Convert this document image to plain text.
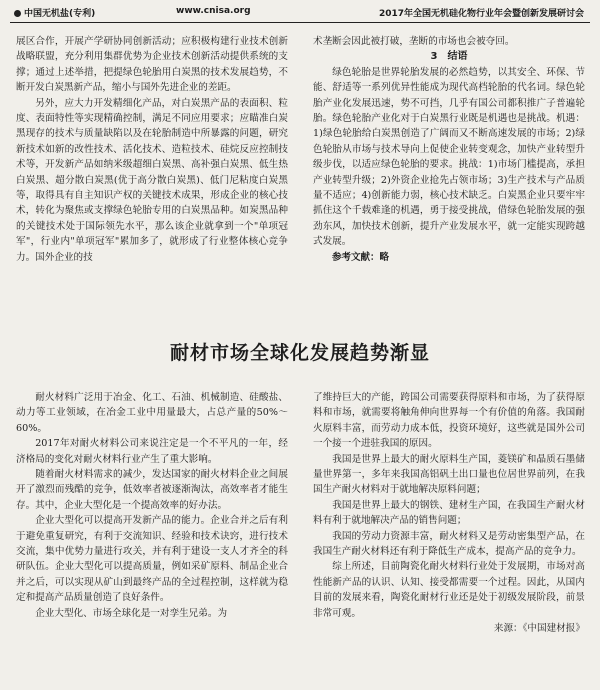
中国无机盐(专利)	www.cnisa.org	2017年全国无机硅化物行业年会暨创新发展研讨会

展区合作，开展产学研协同创新活动；应积极构建行业技术创新战略联盟，充分利用集群优势为企业技术创新活动提供系统的支撑；通过上述举措，把提绿色轮胎用白炭黑的技术发展趋势，不断开发白炭黑新产品，缩小与国外先进企业的差距。

另外，应大力开发精细化产品，对白炭黑产品的表面积、粒度、表面特性等实现精确控制，满足不同应用要求；应瞄准白炭黑现存的技术与质量缺陷以及在轮胎制造中所暴露的问题，研究新技术如新的改性技术、活化技术、造粒技术、硅烷反应控制技术等，开发新产品如纳米级超细白炭黑、高补强白炭黑、低生热白炭黑、超分散白炭黑(优于高分散白炭黑)、低门尼粘度白炭黑等，取得具有自主知识产权的关键技术成果，形成企业的核心技术，转化为聚焦或支撑绿色轮胎专用的白炭黑品种。如炭黑品种的关键技术处于国际领先水平，那么该企业就拿到一个"单项冠军"，行业内"单项冠军"累加多了，就形成了行业整体核心竞争力。国外企业的技

术垄断会因此被打破，垄断的市场也会被夺回。

3　结语

绿色轮胎是世界轮胎发展的必然趋势，以其安全、环保、节能、舒适等一系列优异性能成为现代高档轮胎的代名词。绿色轮胎产业化发展迅速，势不可挡，几乎有国公司都积推广子普遍轮胎。绿色轮胎产业化对于白炭黑行业既是机遇也是挑战。机遇：1)绿色轮胎给白炭黑创造了广阔而又不断高速发展的市场；2)绿色轮胎从市场与技术导向上促使企业转变观念，加快产业转型升级步伐，以适应绿色轮胎的要求。挑战：1)市场门槛提高，承担产业转型升级；2)外资企业抢先占领市场；3)生产技术与产品质量不适应；4)创新能力弱，核心技术缺乏。白炭黑企业只要牢牢抓住这个千载难逢的机遇，勇于接受挑战，借绿色轮胎发展的强劲东风，加快技术创新，提升产业发展水平，就一定能实现跨越式发展。

参考文献：略

耐材市场全球化发展趋势渐显

耐火材料广泛用于冶金、化工、石油、机械制造、硅酸盐、动力等工业领域，在冶金工业中用量最大，占总产量的50%～60%。

2017年对耐火材料公司来说注定是一个不平凡的一年，经济格局的变化对耐火材料行业产生了重大影响。

随着耐火材料需求的减少，发达国家的耐火材料企业之间展开了激烈而残酷的竞争，低效率者被逐渐淘汰，高效率者才能生存。其中，企业大型化是一个提高效率的好办法。

企业大型化可以提高开发新产品的能力。企业合并之后有利于避免重复研究，有利于交流知识、经验和技术诀窍，进行技术交流，集中优势力量进行攻关，并有利于建设一支人才齐全的科研队伍。企业大型化可以提高质量，例如采矿原料、制品企业合并之后，可以实现从矿山到最终产品的全过程控制，这样就为稳定和提高产品质量创造了良好条件。

企业大型化、市场全球化是一对孪生兄弟。为

了维持巨大的产能，跨国公司需要获得原料和市场，为了获得原料和市场，就需要将触角伸向世界每一个有价值的角落。我国耐火原料丰富，而劳动力成本低，投资环境好，这些就是国外公司一个接一个进驻我国的原因。

我国是世界上最大的耐火原料生产国，菱镁矿和晶质石墨储量世界第一，多年来我国高铝矾土出口量也位居世界前列，在我国生产耐火材料对于就地解决原料问题；

我国是世界上最大的钢铁、建材生产国，在我国生产耐火材料有利于就地解决产品的销售问题；

我国的劳动力资源丰富，耐火材料又是劳动密集型产品，在我国生产耐火材料还有利于降低生产成本，提高产品的竞争力。

综上所述，目前陶瓷化耐火材料行业处于发展期，市场对高性能新产品的认识、认知、接受都需要一个过程。因此，从国内目前的发展来看，陶瓷化耐材行业还是处于初级发展阶段，前景非常可观。

来源：《中国建材报》
